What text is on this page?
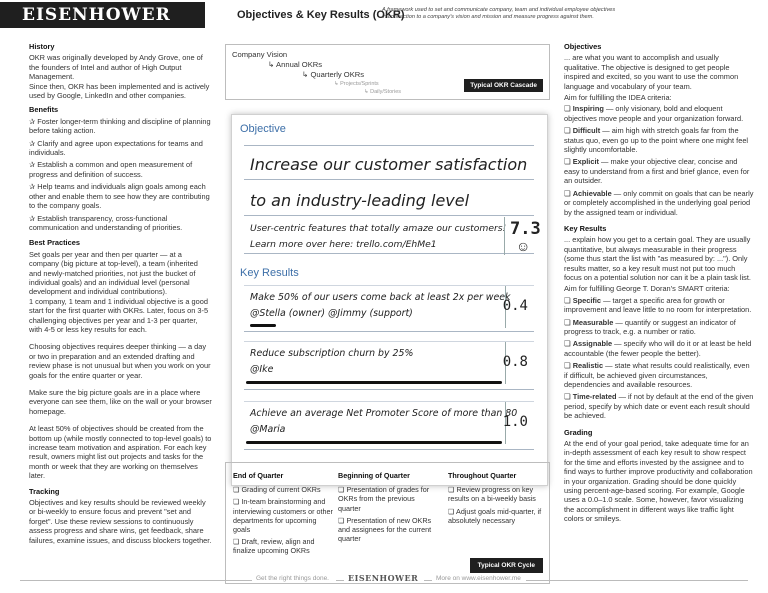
EISENHOWER	Objectives & Key Results (OKR)
A framework used to set and communicate company, team and individual employee objectives
in connection to a company's vision and mission and measure progress against them.
History
OKR was originally developed by Andy Grove, one of the founders of Intel and author of High Output Management.
Since then, OKR has been implemented and is actively used by Google, LinkedIn and other companies.
Benefits
✰ Foster longer-term thinking and discipline of planning before taking action.
✰ Clarify and agree upon expectations for teams and individuals.
✰ Establish a common and open measurement of progress and definition of success.
✰ Help teams and individuals align goals among each other and enable them to see how they are contributing to the company goals.
✰ Establish transparency, cross-functional communication and understanding of priorities.
Best Practices
Set goals per year and then per quarter — at a company (big picture at top-level), a team (inherited and newly-matched priorities, not just the bucket of individual goals) and an individual level (personal development and individual contributions).
1 company, 1 team and 1 individual objective is a good start for the first quarter with OKRs. Later, focus on 3-5 challenging objectives per year and 1-3 per quarter, with 4-5 or less key results for each.
Choosing objectives requires deeper thinking — a day or two in preparation and an extended drafting and review phase is not unusual but when you work on your goals for the entire quarter or year.
Make sure the big picture goals are in a place where everyone can see them, like on the wall or your browser homepage.
At least 50% of objectives should be created from the bottom up (while mostly connected to top-level goals) to increase team motivation and aspiration. For each key result, owners might list out projects and tasks for the month or week that they are working on themselves later.
Tracking
Objectives and key results should be reviewed weekly or bi-weekly to ensure focus and prevent "set and forget". Use these review sessions to continuously assess progress and share wins, get feedback, share failures, examine issues, and discuss blockers together.
Company Vision
↳ Annual OKRs
↳ Quarterly OKRs
↳ Projects/Sprints
↳ Daily/Stories
Typical OKR Cascade
Objective
Increase our customer satisfaction
to an industry-leading level
User-centric features that totally amaze our customers!
Learn more over here: trello.com/EhMe1
7.3
☺
Key Results
Make 50% of our users come back at least 2x per week
@Stella (owner) @Jimmy (support)	0.4
Reduce subscription churn by 25%
@Ike	0.8
Achieve an average Net Promoter Score of more than 80
@Maria	1.0
End of Quarter
❏ Grading of current OKRs
❏ In-team brainstorming and interviewing customers or other departments for upcoming goals
❏ Draft, review, align and finalize upcoming OKRs
Beginning of Quarter
❏ Presentation of grades for OKRs from the previous quarter
❏ Presentation of new OKRs and assignees for the current quarter
Throughout Quarter
❏ Review progress on key results on a bi-weekly basis
❏ Adjust goals mid-quarter, if absolutely necessary
Typical OKR Cycle
Objectives
... are what you want to accomplish and usually qualitative. The objective is designed to get people inspired and excited, so you want to use the common language and vocabulary of your team.
Aim for fulfilling the IDEA criteria:
❏ Inspiring — only visionary, bold and eloquent objectives move people and your organization forward.
❏ Difficult — aim high with stretch goals far from the status quo, even go up to the point where one might feel slightly uncomfortable.
❏ Explicit — make your objective clear, concise and easy to understand from a first and brief glance, even for an outsider.
❏ Achievable — only commit on goals that can be nearly or completely accomplished in the underlying goal period by the assigned team or individual.
Key Results
... explain how you get to a certain goal. They are usually quantitative, but always measurable in their progress (some thus start the list with "as measured by: ..."). Only results matter, so a key result must not put too much focus on a potential solution nor can it be a plain task list.
Aim for fulfilling George T. Doran's SMART criteria:
❏ Specific — target a specific area for growth or improvement and leave little to no room for interpretation.
❏ Measurable — quantify or suggest an indicator of progress to track, e.g. a number or ratio.
❏ Assignable — specify who will do it or at least be held accountable (the fewer people the better).
❏ Realistic — state what results could realistically, even if difficult, be achieved given circumstances, dependencies and available resources.
❏ Time-related — if not by default at the end of the given period, specify by which date or event each result should be achieved.
Grading
At the end of your goal period, take adequate time for an in-depth assessment of each key result to show respect for the time and efforts invested by the assignee and to find ways to further improve productivity and collaboration in your organization. Grading should be done quickly using percent-age-based scoring. For example, Google uses a 0.0–1.0 scale. Some, however, favor visualizing the accomplishment in different ways like traffic light colors or smileys.
Get the right things done. EISENHOWER	More on www.eisenhower.me
